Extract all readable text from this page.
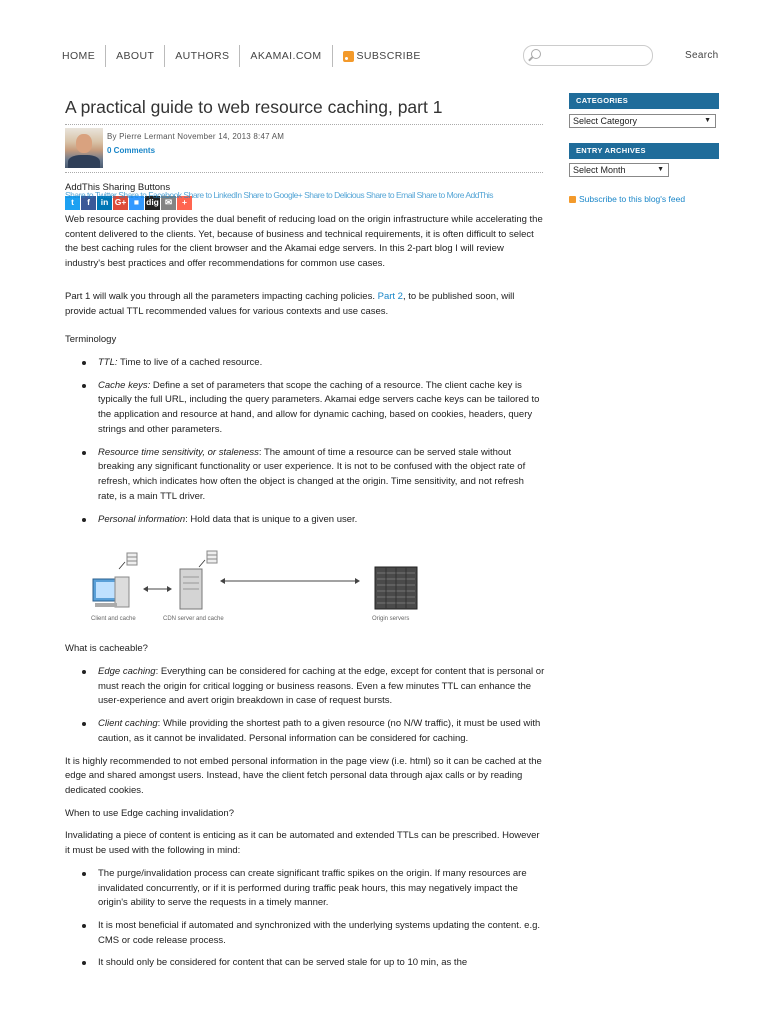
HOME	ABOUT	AUTHORS	AKAMAI.COM	SUBSCRIBE	Search
A practical guide to web resource caching, part 1
By Pierre Lermant November 14, 2013 8:47 AM
0 Comments
AddThis Sharing Buttons
t	f	in G+ ■ dig ✉	+
Share to Twitter Share to Facebook Share to LinkedIn Share to Google+ Share to Delicious Share to Email Share to More AddThis

Web resource caching provides the dual benefit of reducing load on the origin infrastructure while accelerating the content delivered to the clients. Yet, because of business and technical requirements, it is often difficult to select the best caching rules for the client browser and the Akamai edge servers. In this 2-part blog I will review industry's best practices and offer recommendations for common use cases.

Part 1 will walk you through all the parameters impacting caching policies. Part 2, to be published soon, will provide actual TTL recommended values for various contexts and use cases.

Terminology

TTL: Time to live of a cached resource.
Cache keys: Define a set of parameters that scope the caching of a resource. The client cache key is typically the full URL, including the query parameters. Akamai edge servers cache keys can be tailored to the application and resource at hand, and allow for dynamic caching, based on cookies, headers, query strings and other parameters.
Resource time sensitivity, or staleness: The amount of time a resource can be served stale without breaking any significant functionality or user experience. It is not to be confused with the object rate of refresh, which indicates how often the object is changed at the origin. Time sensitivity, and not refresh rate, is a main TTL driver.
Personal information: Hold data that is unique to a given user.
Client and cache	CDN server and cache	Origin servers

What is cacheable?

Edge caching: Everything can be considered for caching at the edge, except for content that is personal or must reach the origin for critical logging or business reasons. Even a few minutes TTL can enhance the user-experience and avert origin breakdown in case of request bursts.
Client caching: While providing the shortest path to a given resource (no N/W traffic), it must be used with caution, as it cannot be invalidated. Personal information can be considered for caching.

It is highly recommended to not embed personal information in the page view (i.e. html) so it can be cached at the edge and shared amongst users. Instead, have the client fetch personal data through ajax calls or by reading dedicated cookies.

When to use Edge caching invalidation?

Invalidating a piece of content is enticing as it can be automated and extended TTLs can be prescribed. However it must be used with the following in mind:

The purge/invalidation process can create significant traffic spikes on the origin. If many resources are invalidated concurrently, or if it is performed during traffic peak hours, this may negatively impact the origin's ability to serve the requests in a timely manner.
It is most beneficial if automated and synchronized with the underlying systems updating the content. e.g. CMS or code release process.
It should only be considered for content that can be served stale for up to 10 min, as the
CATEGORIES
Select Category	▼
ENTRY ARCHIVES
Select Month	▼
Subscribe to this blog's feed
